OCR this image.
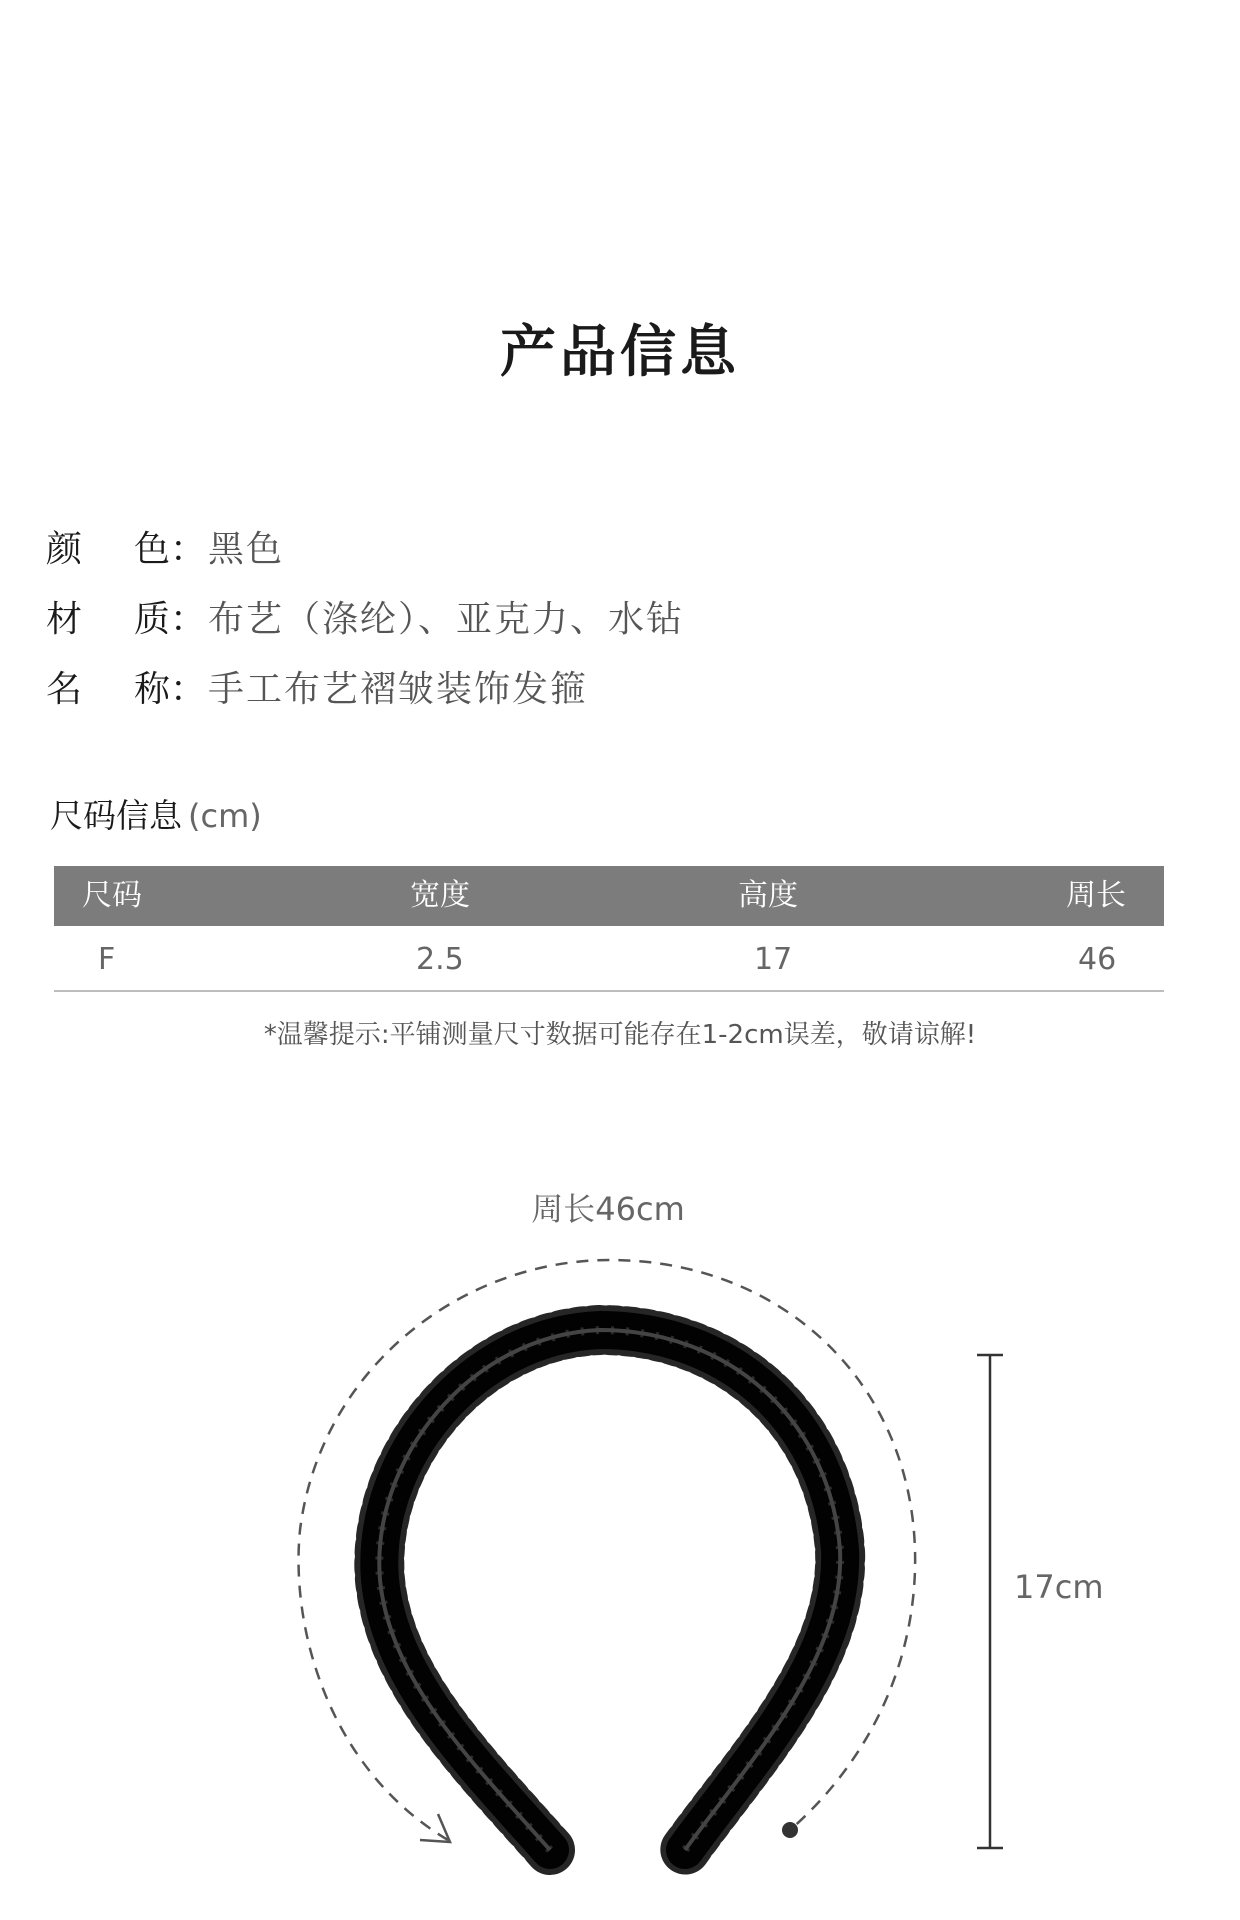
产品信息
颜 色： 黑色
材 质： 布艺（涤纶）、亚克力、水钻
名 称： 手工布艺褶皱装饰发箍
尺码信息 (cm)
尺码	宽度	高度	周长
F	2.5	17	46
*温馨提示:平铺测量尺寸数据可能存在1-2cm误差，敬请谅解!
周长46cm
17cm
